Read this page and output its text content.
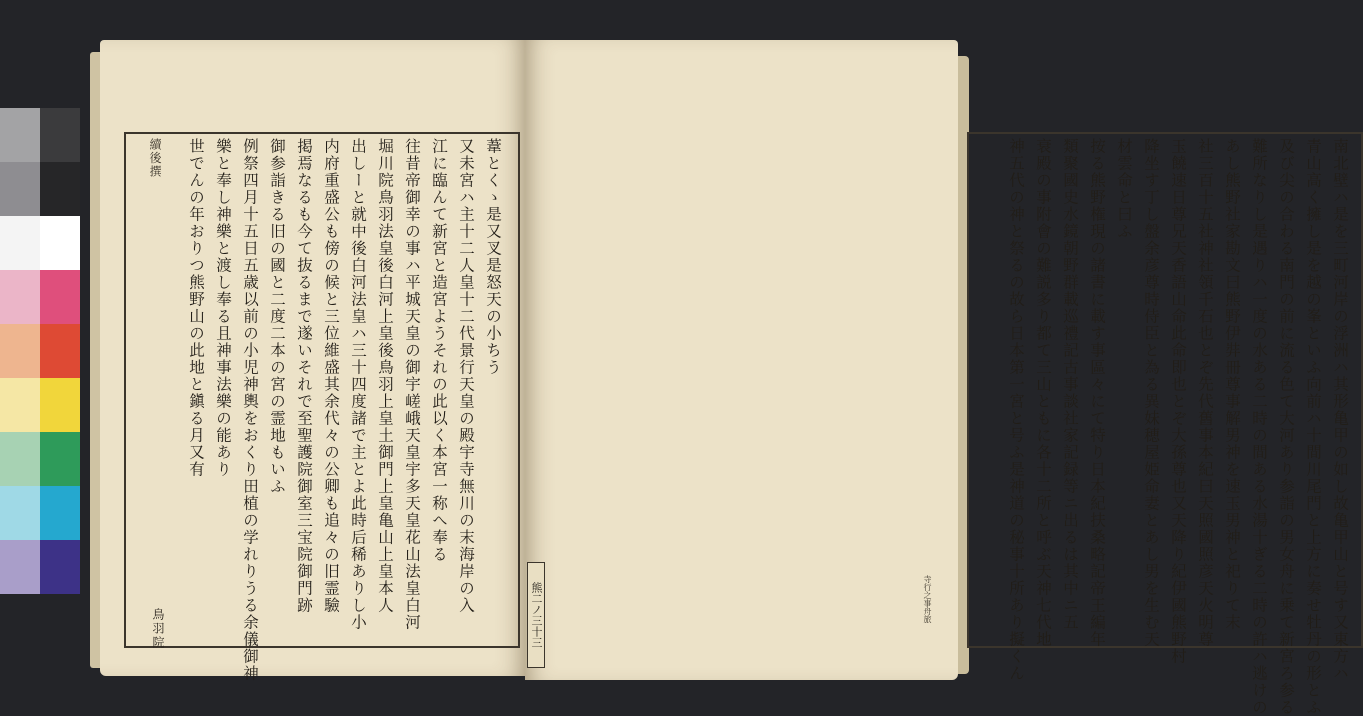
葦とくゝ是又叉是怒天の小ちう
又未宮ハ主十二人皇十二代景行天皇の殿宇寺無川の末海岸の入
江に臨んて新宮と造宮ようそれの此以く本宮一称へ奉る
往昔帝御幸の事ハ平城天皇の御宇嵯峨天皇宇多天皇花山法皇白河
堀川院鳥羽法皇後白河上皇後鳥羽上皇土御門上皇亀山上皇本人
出しーと就中後白河法皇ハ三十四度諸で主とよ此時后稀ありし小
内府重盛公も傍の候と三位維盛其余代々の公卿も追々の旧霊驗
掲焉なるも今て抜るまで遂いそれで至聖護院御室三宝院御門跡
御参詣きる旧の國と二度二本の宮の霊地もいふ
例祭四月十五日五歳以前の小児神輿をおくり田植の学れりうる余儀御神
樂と奉し神樂と渡し奉る且神事法樂の能あり
世でんの年おりつ熊野山の此地と鎭る月又有
續後撰
鳥羽院	南北壁ハ是を三町河岸の浮洲ハ其形亀甲の如し故亀甲山と号す又東方ハ
青山高く擁し是を越の峯といふ向前ハ十間川尾門と上方に奏せ牡丹の形とふ
及び尖の合わる南門の前に流る色て大河あり参詣の男女舟に乗て新宮ろ参る
難所なりし是遇りハ一度の水ある二時の間ある水湯十ぎる二時の許ハ逃けの
あし熊野社家勘文曰熊野伊弉冊尊事解男神を速玉男神と祀りて末
社三百十五社神社領千石也とぞ先代舊事本紀曰天照國照彦天火明尊
玉饒速日尊兄天香語山命此命即也とぞ大孫尊也又天降り紀伊國熊野村
降坐す丁し盤余彦尊時侍臣と為る異妹穂屋姫命妻とあし男を生む天
材雲命と曰ふ
按る熊野権現の諸書に載す事區々にて特り日本紀扶桑略記帝王編年
類聚國史水鏡朝野群載巡禮記古事談社家記録等ニ出るは其中ニ五
衰殿の事附會の難説多り都て三山ともに各十二所と呼ぶ天神七代地
神五代の神と祭るの故ら日本第一宮と号ふ是神道の秘事十所あり擬くん
熊二ノ三十三	寺行之事舟旅
